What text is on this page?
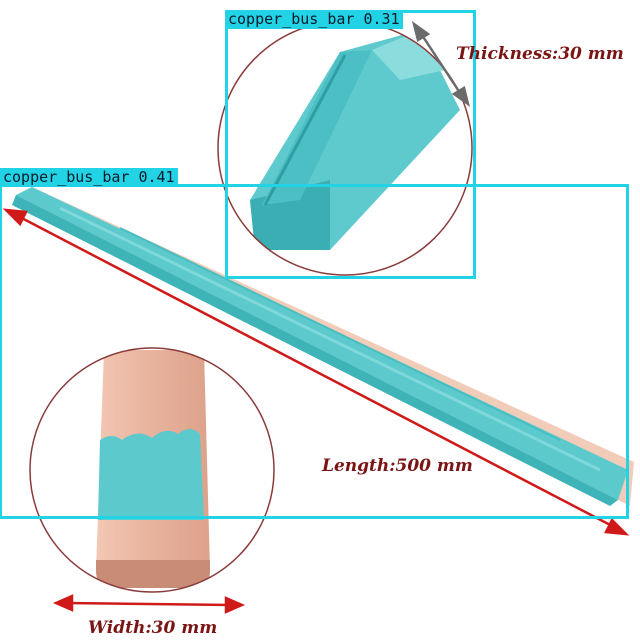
copper_bus_bar 0.31
copper_bus_bar 0.41
Thickness:30 mm
Length:500 mm
Width:30 mm
